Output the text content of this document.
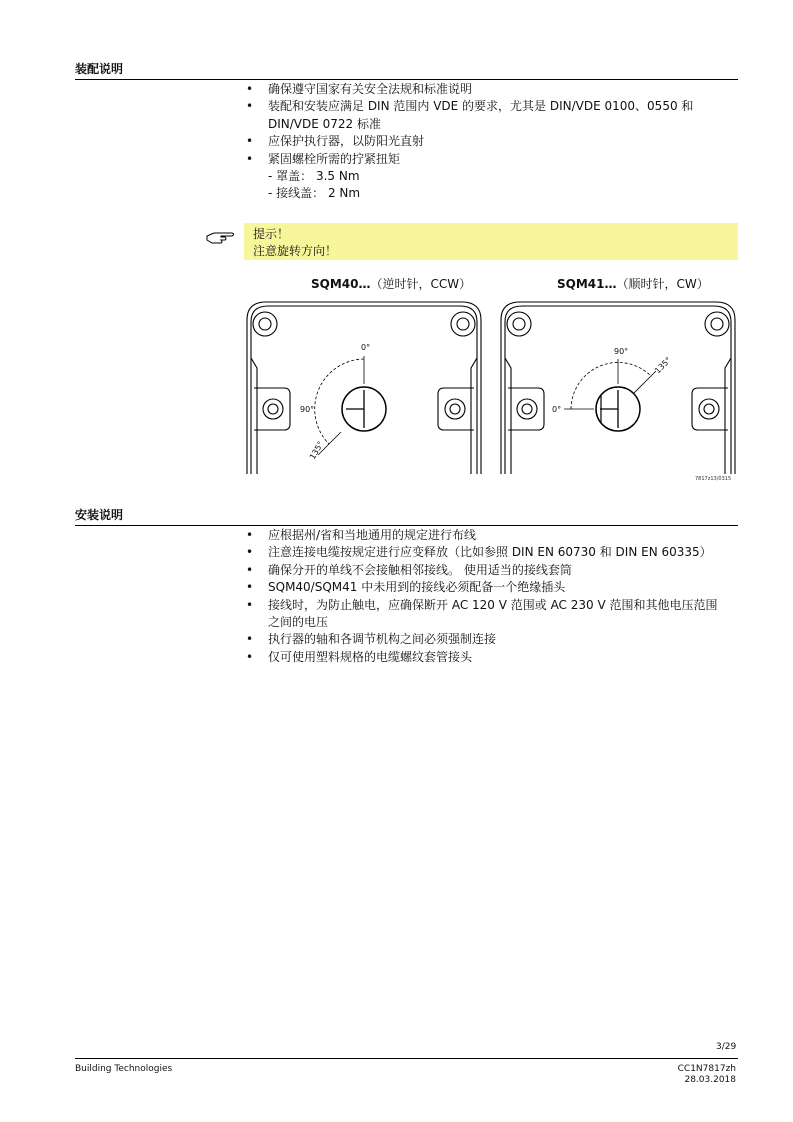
装配说明
• 确保遵守国家有关安全法规和标准说明
• 装配和安装应满足 DIN 范围内 VDE 的要求，尤其是 DIN/VDE 0100、0550 和
DIN/VDE 0722 标准
• 应保护执行器，以防阳光直射
• 紧固螺栓所需的拧紧扭矩
- 罩盖： 3.5 Nm
- 接线盖： 2 Nm
提示！
注意旋转方向！
SQM40…（逆时针，CCW）	SQM41…（顺时针，CW）
0°
90°
135°
90°
0°
135°
7817z13/0315
安装说明
• 应根据州/省和当地通用的规定进行布线
• 注意连接电缆按规定进行应变释放（比如参照 DIN EN 60730 和 DIN EN 60335）
• 确保分开的单线不会接触相邻接线。 使用适当的接线套筒
• SQM40/SQM41 中未用到的接线必须配备一个绝缘插头
• 接线时，为防止触电，应确保断开 AC 120 V 范围或 AC 230 V 范围和其他电压范围
之间的电压
• 执行器的轴和各调节机构之间必须强制连接
• 仅可使用塑料规格的电缆螺纹套管接头
3/29
Building Technologies	CC1N7817zh
28.03.2018
